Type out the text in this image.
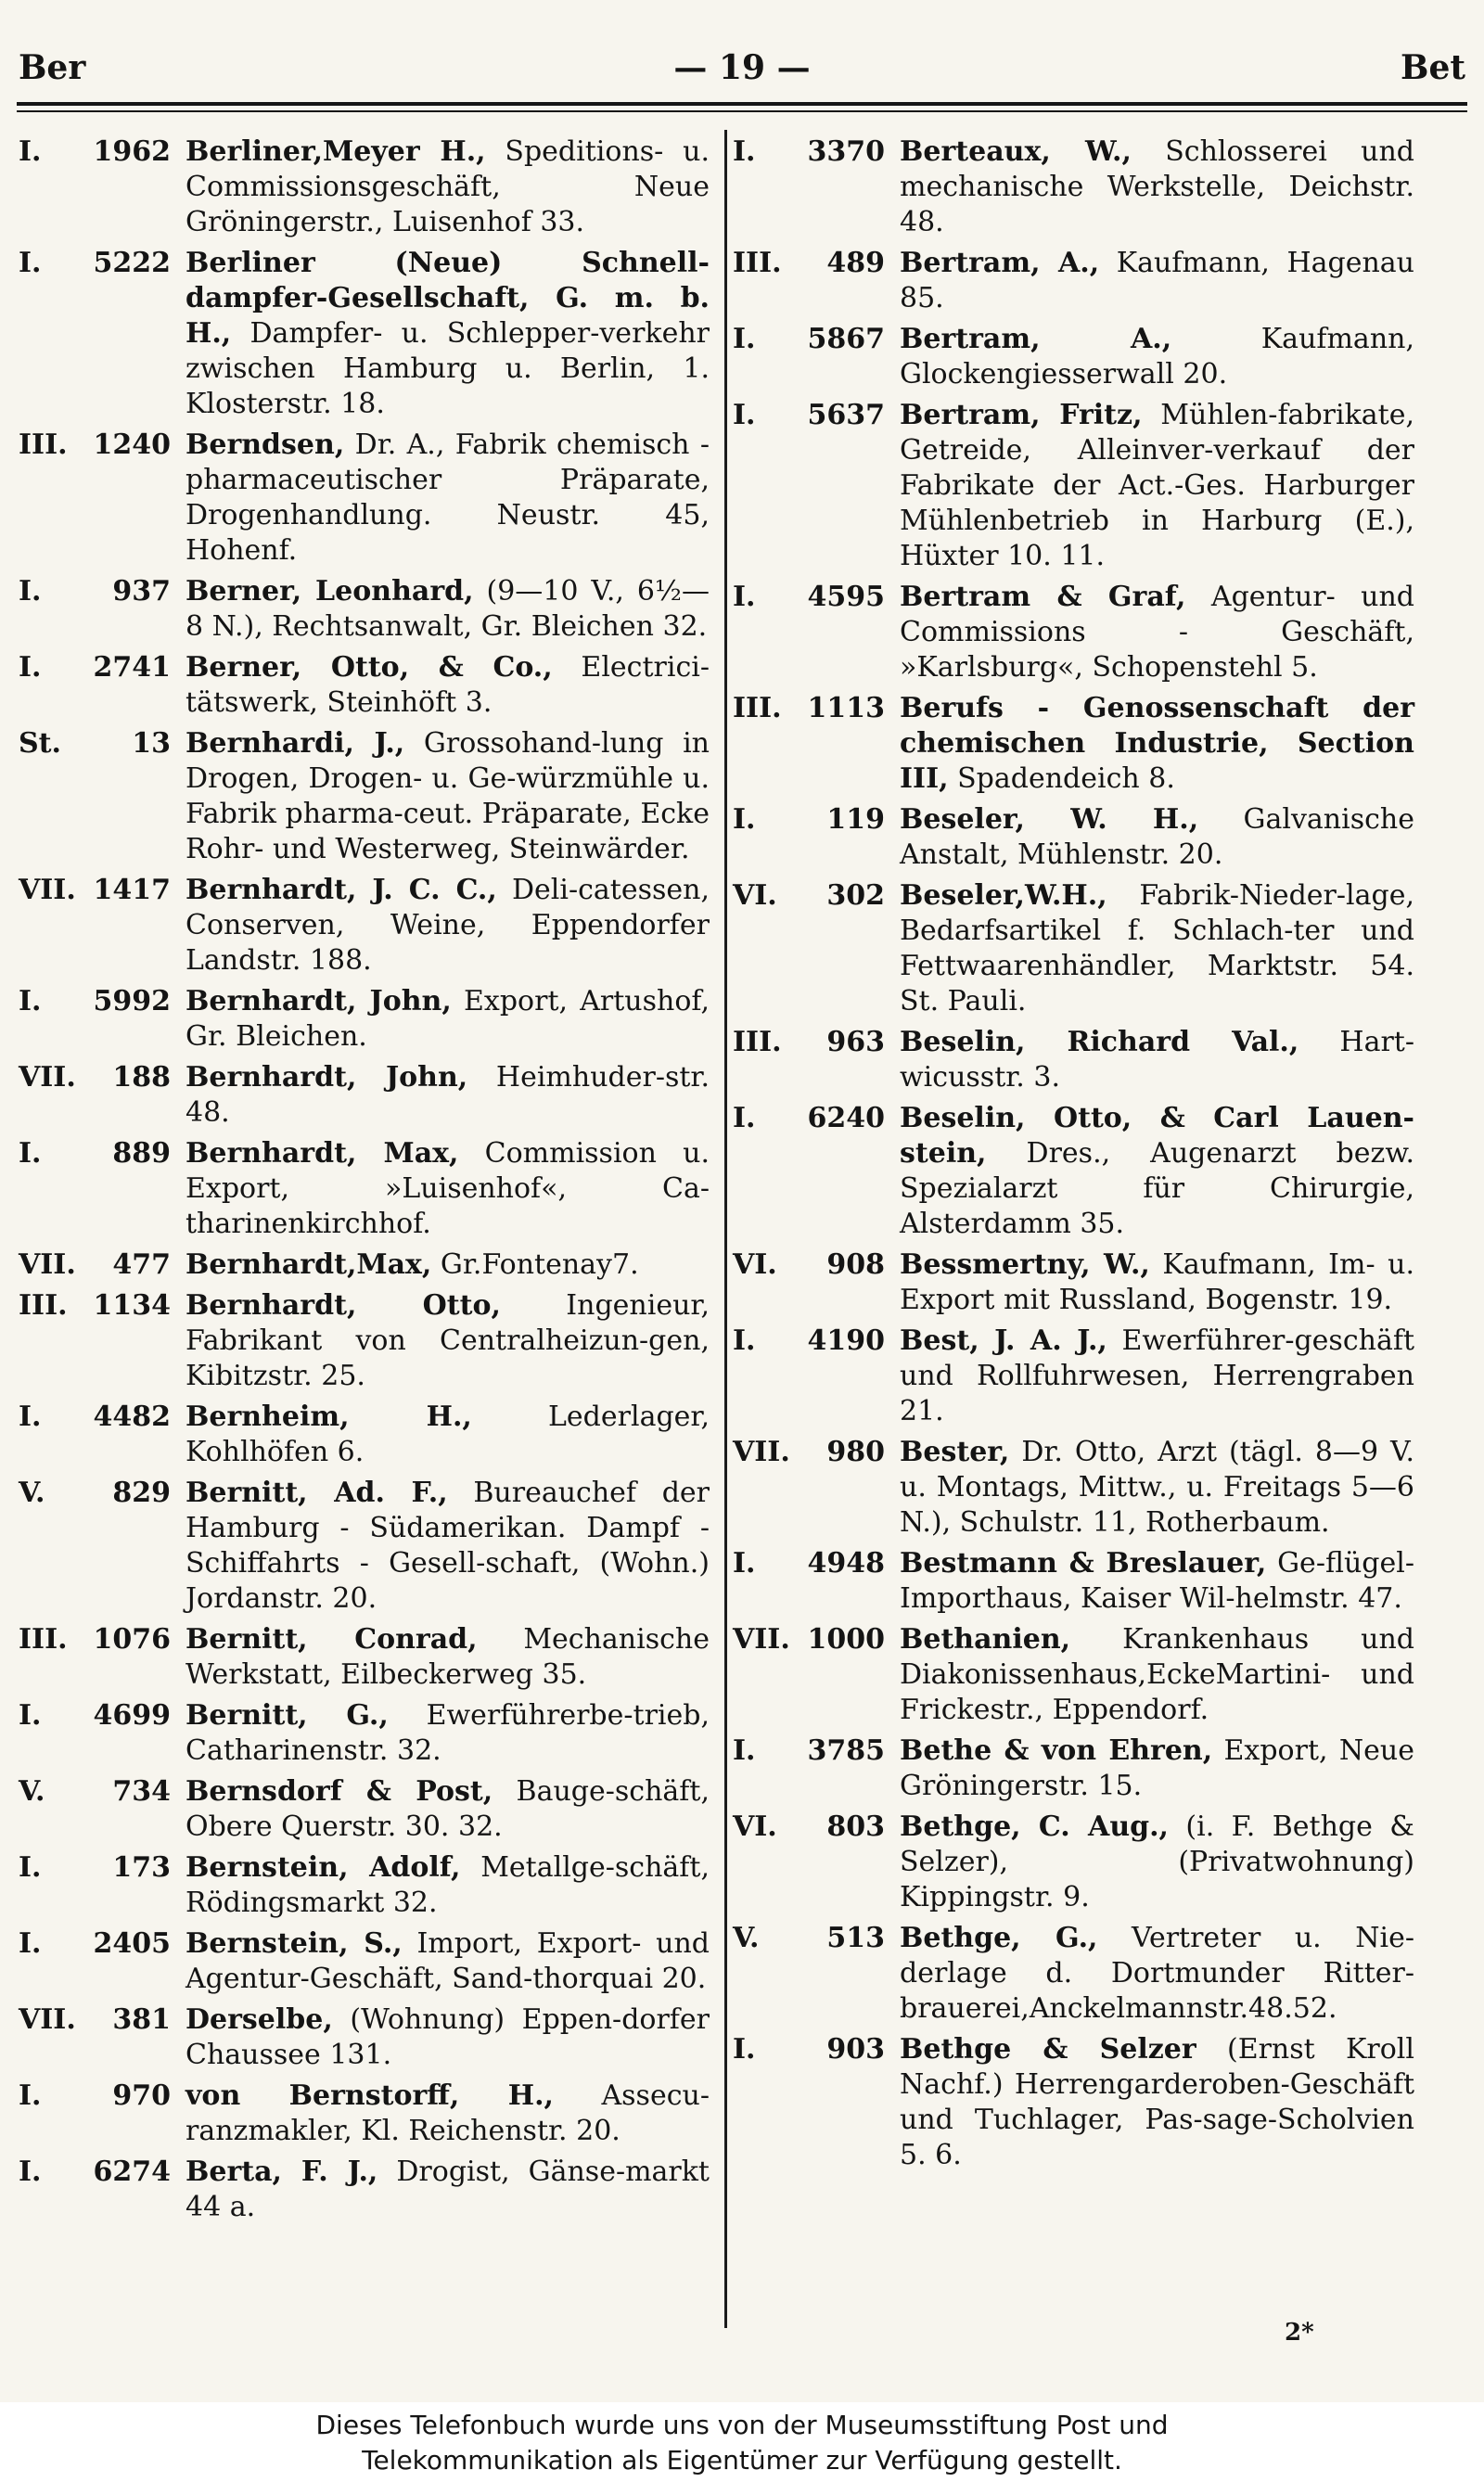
Ber	— 19 —	Bet
I.	1962 Berliner,Meyer H., Speditions- u. Commissionsgeschäft, Neue Gröningerstr., Luisenhof 33.
I.	5222 Berliner (Neue) Schnell-dampfer-Gesellschaft, G. m. b. H., Dampfer- u. Schlepper-verkehr zwischen Hamburg u. Berlin, 1. Klosterstr. 18.
III. 1240 Berndsen, Dr. A., Fabrik chemisch - pharmaceutischer Präparate, Drogenhandlung. Neustr. 45, Hohenf.
I.	937 Berner, Leonhard, (9—10 V., 6½—8 N.), Rechtsanwalt, Gr. Bleichen 32.
I.	2741 Berner, Otto, & Co., Electrici-tätswerk, Steinhöft 3.
St.	13 Bernhardi, J., Grossohand-lung in Drogen, Drogen- u. Ge-würzmühle u. Fabrik pharma-ceut. Präparate, Ecke Rohr- und Westerweg, Steinwärder.
VII. 1417 Bernhardt, J. C. C., Deli-catessen, Conserven, Weine, Eppendorfer Landstr. 188.
I.	5992 Bernhardt, John, Export, Artushof, Gr. Bleichen.
VII. 188 Bernhardt, John, Heimhuder-str. 48.
I.	889 Bernhardt, Max, Commission u. Export, »Luisenhof«, Ca-tharinenkirchhof.
VII. 477 Bernhardt,Max, Gr.Fontenay7.
III. 1134 Bernhardt, Otto, Ingenieur, Fabrikant von Centralheizun-gen, Kibitzstr. 25.
I.	4482 Bernheim, H.,	Lederlager, Kohlhöfen 6.
V.	829 Bernitt, Ad. F., Bureauchef der Hamburg - Südamerikan. Dampf - Schiffahrts - Gesell-schaft, (Wohn.) Jordanstr. 20.
III. 1076 Bernitt, Conrad, Mechanische Werkstatt, Eilbeckerweg 35.
I.	4699 Bernitt, G., Ewerführerbe-trieb, Catharinenstr. 32.
V.	734 Bernsdorf & Post, Bauge-schäft, Obere Querstr. 30. 32.
I.	173 Bernstein, Adolf, Metallge-schäft, Rödingsmarkt 32.
I.	2405 Bernstein, S., Import, Export- und Agentur-Geschäft, Sand-thorquai 20.
VII. 381 Derselbe, (Wohnung) Eppen-dorfer Chaussee 131.
I.	970 von Bernstorff, H., Assecu-ranzmakler, Kl. Reichenstr. 20.
I.	6274 Berta, F. J., Drogist, Gänse-markt 44 a.
I.	3370 Berteaux, W., Schlosserei und mechanische Werkstelle, Deichstr. 48.
III. 489 Bertram, A., Kaufmann, Hagenau 85.
I.	5867 Bertram, A.,	Kaufmann, Glockengiesserwall 20.
I.	5637 Bertram, Fritz, Mühlen-fabrikate, Getreide, Alleinver-verkauf der Fabrikate der Act.-Ges. Harburger Mühlenbetrieb in Harburg (E.), Hüxter 10. 11.
I.	4595 Bertram & Graf, Agentur- und Commissions - Geschäft, »Karlsburg«, Schopenstehl 5.
III. 1113 Berufs - Genossenschaft der chemischen Industrie, Section III, Spadendeich 8.
I.	119 Beseler, W. H., Galvanische Anstalt, Mühlenstr. 20.
VI.	302 Beseler,W.H., Fabrik-Nieder-lage, Bedarfsartikel f. Schlach-ter und Fettwaarenhändler, Marktstr. 54. St. Pauli.
III. 963 Beselin, Richard Val., Hart-wicusstr. 3.
I.	6240 Beselin, Otto, & Carl Lauen-stein, Dres., Augenarzt bezw. Spezialarzt für Chirurgie, Alsterdamm 35.
VI.	908 Bessmertny, W., Kaufmann, Im- u. Export mit Russland, Bogenstr. 19.
I.	4190 Best, J. A. J., Ewerführer-geschäft und Rollfuhrwesen, Herrengraben 21.
VII. 980 Bester, Dr. Otto, Arzt (tägl. 8—9 V. u. Montags, Mittw., u. Freitags 5—6 N.), Schulstr. 11, Rotherbaum.
I.	4948 Bestmann & Breslauer, Ge-flügel-Importhaus, Kaiser Wil-helmstr. 47.
VII. 1000 Bethanien, Krankenhaus und Diakonissenhaus,EckeMartini- und Frickestr., Eppendorf.
I.	3785 Bethe & von Ehren, Export, Neue Gröningerstr. 15.
VI.	803 Bethge, C. Aug., (i. F. Bethge & Selzer), (Privatwohnung) Kippingstr. 9.
V.	513 Bethge, G., Vertreter u. Nie-derlage d. Dortmunder Ritter-brauerei,Anckelmannstr.48.52.
I.	903 Bethge & Selzer (Ernst Kroll Nachf.) Herrengarderoben-Geschäft und Tuchlager, Pas-sage-Scholvien 5. 6.
2*
Dieses Telefonbuch wurde uns von der Museumsstiftung Post und
Telekommunikation als Eigentümer zur Verfügung gestellt.
